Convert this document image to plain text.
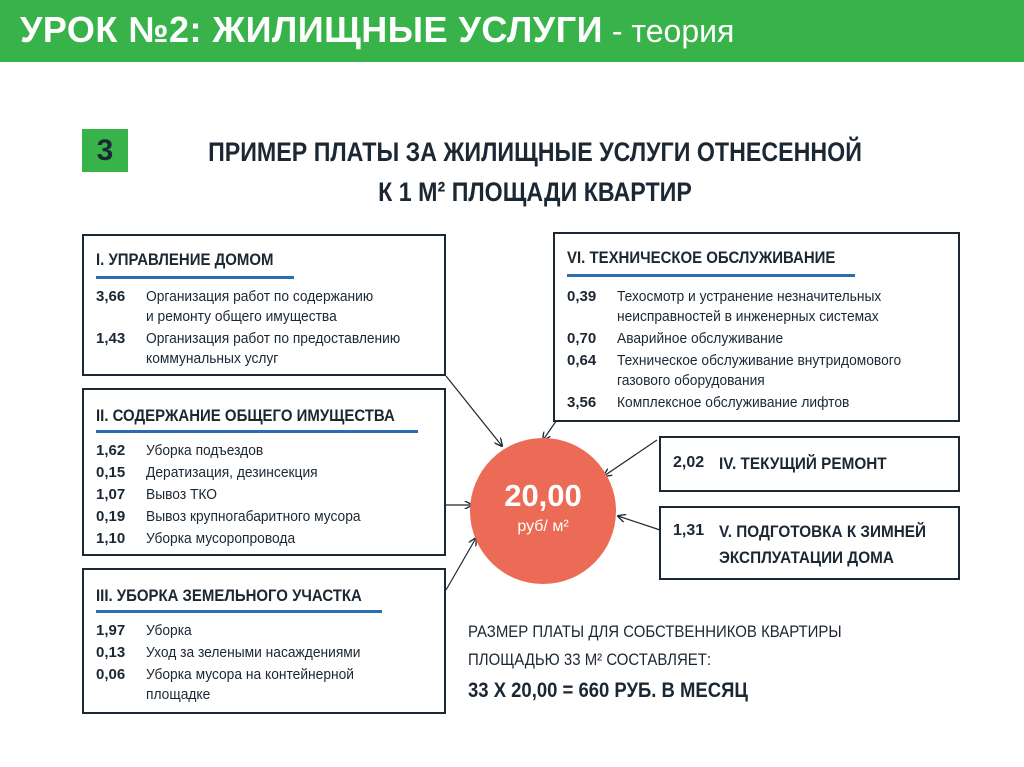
УРОК №2: ЖИЛИЩНЫЕ УСЛУГИ - теория
3	ПРИМЕР ПЛАТЫ ЗА ЖИЛИЩНЫЕ УСЛУГИ ОТНЕСЕННОЙ
К 1 М² ПЛОЩАДИ КВАРТИР
I. УПРАВЛЕНИЕ ДОМОМ
3,66 Организация работ по содержанию
и ремонту общего имущества
1,43 Организация работ по предоставлению
коммунальных услуг
II. СОДЕРЖАНИЕ ОБЩЕГО ИМУЩЕСТВА
1,62 Уборка подъездов
0,15 Дератизация, дезинсекция
1,07 Вывоз ТКО
0,19 Вывоз крупногабаритного мусора
1,10 Уборка мусоропровода
III. УБОРКА ЗЕМЕЛЬНОГО УЧАСТКА
1,97 Уборка
0,13 Уход за зелеными насаждениями
0,06 Уборка мусора на контейнерной
площадке
VI. ТЕХНИЧЕСКОЕ ОБСЛУЖИВАНИЕ
0,39 Техосмотр и устранение незначительных
неисправностей в инженерных системах
0,70 Аварийное обслуживание
0,64 Техническое обслуживание внутридомового
газового оборудования
3,56 Комплексное обслуживание лифтов
2,02 IV. ТЕКУЩИЙ РЕМОНТ
1,31 V. ПОДГОТОВКА К ЗИМНЕЙ
ЭКСПЛУАТАЦИИ ДОМА
20,00
руб/ м²
РАЗМЕР ПЛАТЫ ДЛЯ СОБСТВЕННИКОВ КВАРТИРЫ
ПЛОЩАДЬЮ 33 М² СОСТАВЛЯЕТ:
33 Х 20,00 = 660 РУБ. В МЕСЯЦ
